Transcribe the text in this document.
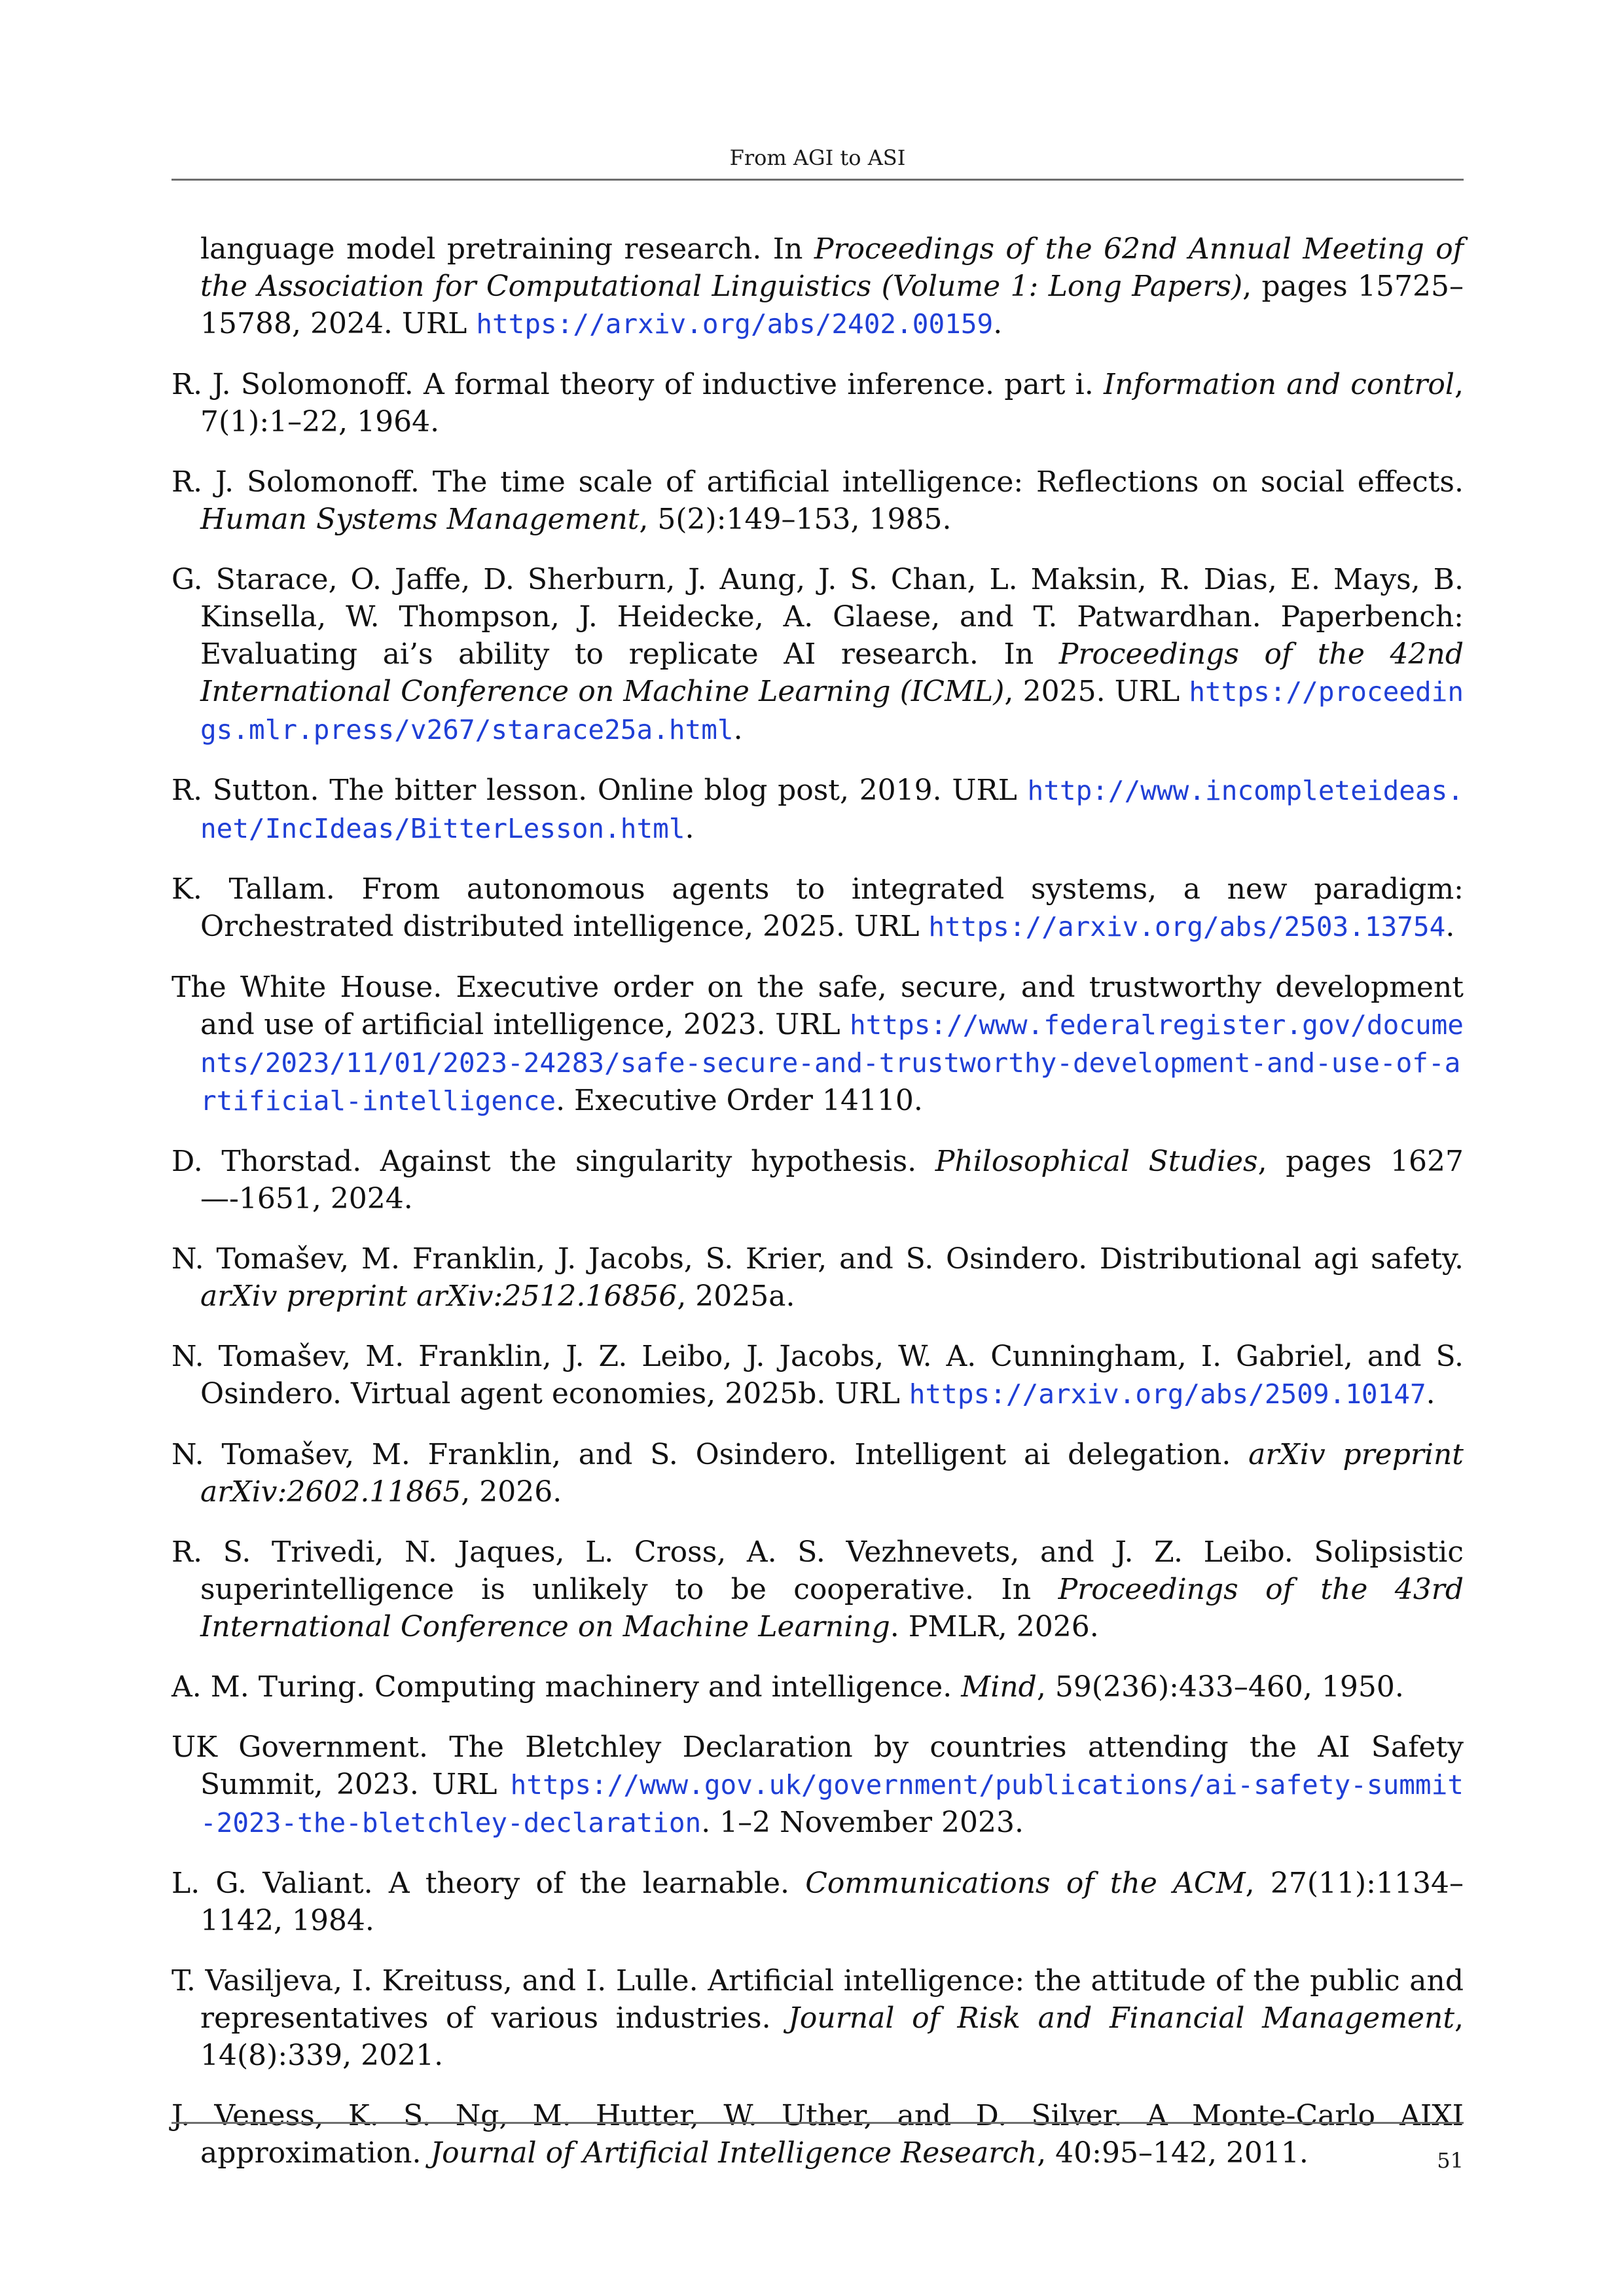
From AGI to ASI

language model pretraining research. In Proceedings of the 62nd Annual Meeting of the Association for Computational Linguistics (Volume 1: Long Papers), pages 15725–15788, 2024. URL https://arxiv.org/abs/2402.00159.

R. J. Solomonoff. A formal theory of inductive inference. part i. Information and control, 7(1):1–22, 1964.

R. J. Solomonoff. The time scale of artificial intelligence: Reflections on social effects. Human Systems Management, 5(2):149–153, 1985.

G. Starace, O. Jaffe, D. Sherburn, J. Aung, J. S. Chan, L. Maksin, R. Dias, E. Mays, B. Kinsella, W. Thompson, J. Heidecke, A. Glaese, and T. Patwardhan. Paperbench: Evaluating ai’s ability to replicate AI research. In Proceedings of the 42nd International Conference on Machine Learning (ICML), 2025. URL https://proceedings.mlr.press/v267/starace25a.html.

R. Sutton. The bitter lesson. Online blog post, 2019. URL http://www.incompleteideas.net/IncIdeas/BitterLesson.html.

K. Tallam. From autonomous agents to integrated systems, a new paradigm: Orchestrated distributed intelligence, 2025. URL https://arxiv.org/abs/2503.13754.

The White House. Executive order on the safe, secure, and trustworthy development and use of artificial intelligence, 2023. URL https://www.federalregister.gov/documents/2023/11/01/2023-24283/safe-secure-and-trustworthy-development-and-use-of-artificial-intelligence. Executive Order 14110.

D. Thorstad. Against the singularity hypothesis. Philosophical Studies, pages 1627—-1651, 2024.

N. Tomašev, M. Franklin, J. Jacobs, S. Krier, and S. Osindero. Distributional agi safety. arXiv preprint arXiv:2512.16856, 2025a.

N. Tomašev, M. Franklin, J. Z. Leibo, J. Jacobs, W. A. Cunningham, I. Gabriel, and S. Osindero. Virtual agent economies, 2025b. URL https://arxiv.org/abs/2509.10147.

N. Tomašev, M. Franklin, and S. Osindero. Intelligent ai delegation. arXiv preprint arXiv:2602.11865, 2026.

R. S. Trivedi, N. Jaques, L. Cross, A. S. Vezhnevets, and J. Z. Leibo. Solipsistic superintelligence is unlikely to be cooperative. In Proceedings of the 43rd International Conference on Machine Learning. PMLR, 2026.

A. M. Turing. Computing machinery and intelligence. Mind, 59(236):433–460, 1950.

UK Government. The Bletchley Declaration by countries attending the AI Safety Summit, 2023. URL https://www.gov.uk/government/publications/ai-safety-summit-2023-the-bletchley-declaration. 1–2 November 2023.

L. G. Valiant. A theory of the learnable. Communications of the ACM, 27(11):1134–1142, 1984.

T. Vasiljeva, I. Kreituss, and I. Lulle. Artificial intelligence: the attitude of the public and representatives of various industries. Journal of Risk and Financial Management, 14(8):339, 2021.

J. Veness, K. S. Ng, M. Hutter, W. Uther, and D. Silver. A Monte-Carlo AIXI approximation. Journal of Artificial Intelligence Research, 40:95–142, 2011.	51
